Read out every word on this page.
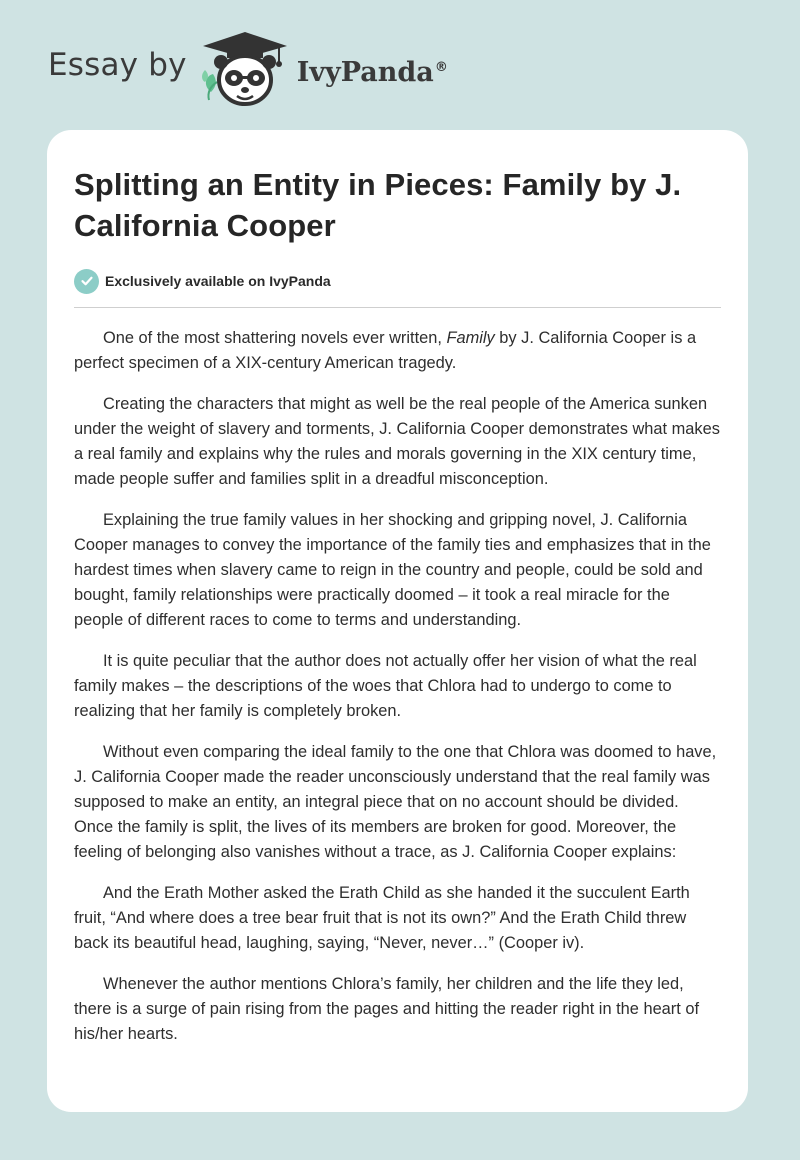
Essay by	IvyPanda®
Splitting an Entity in Pieces: Family by J. California Cooper
Exclusively available on IvyPanda

One of the most shattering novels ever written, Family by J. California Cooper is a perfect specimen of a XIX-century American tragedy.

Creating the characters that might as well be the real people of the America sunken under the weight of slavery and torments, J. California Cooper demonstrates what makes a real family and explains why the rules and morals governing in the XIX century time, made people suffer and families split in a dreadful misconception.

Explaining the true family values in her shocking and gripping novel, J. California Cooper manages to convey the importance of the family ties and emphasizes that in the hardest times when slavery came to reign in the country and people, could be sold and bought, family relationships were practically doomed – it took a real miracle for the people of different races to come to terms and understanding.

It is quite peculiar that the author does not actually offer her vision of what the real family makes – the descriptions of the woes that Chlora had to undergo to come to realizing that her family is completely broken.

Without even comparing the ideal family to the one that Chlora was doomed to have, J. California Cooper made the reader unconsciously understand that the real family was supposed to make an entity, an integral piece that on no account should be divided. Once the family is split, the lives of its members are broken for good. Moreover, the feeling of belonging also vanishes without a trace, as J. California Cooper explains:

And the Erath Mother asked the Erath Child as she handed it the succulent Earth fruit, “And where does a tree bear fruit that is not its own?” And the Erath Child threw back its beautiful head, laughing, saying, “Never, never…” (Cooper iv).

Whenever the author mentions Chlora’s family, her children and the life they led, there is a surge of pain rising from the pages and hitting the reader right in the heart of his/her hearts.
